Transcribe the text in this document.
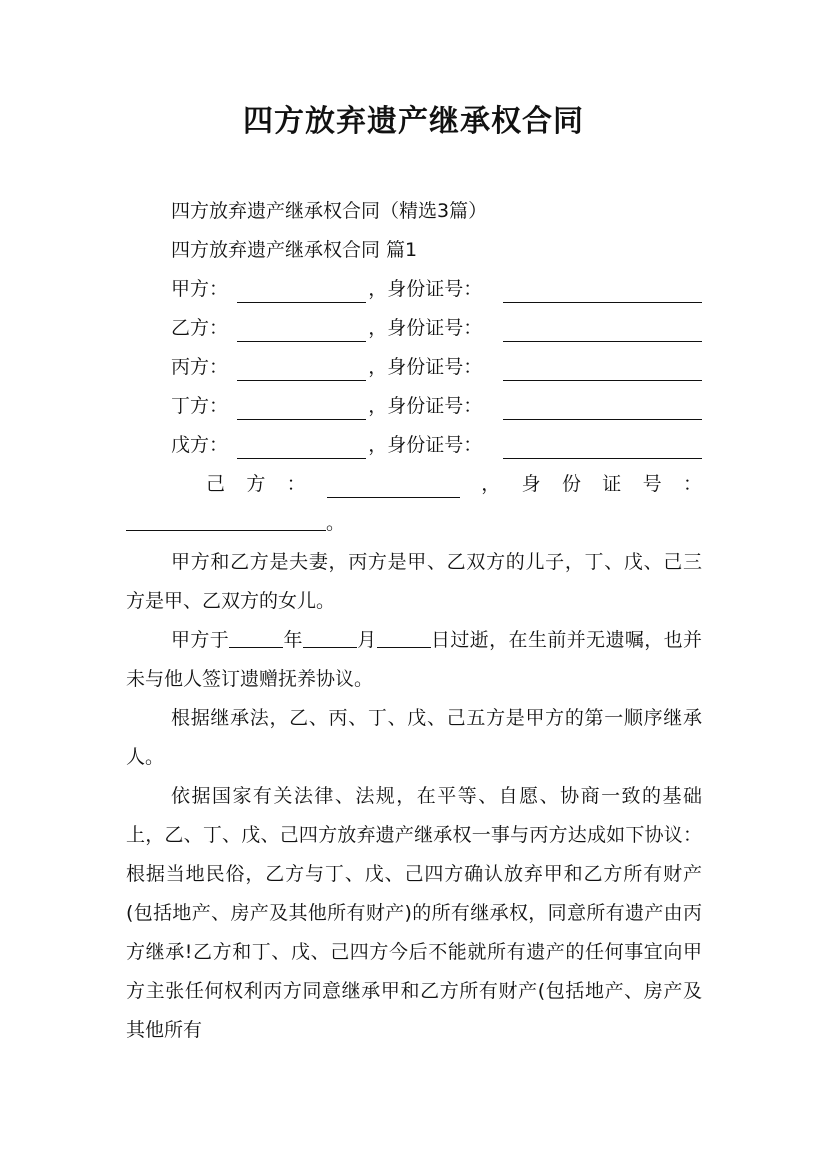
四方放弃遗产继承权合同
四方放弃遗产继承权合同（精选3篇）
四方放弃遗产继承权合同 篇1
甲方：	，身份证号：
乙方：	，身份证号：
丙方：	，身份证号：
丁方：	，身份证号：
戊方：	，身份证号：
己 方 ：	， 身 份 证 号 ：
。
甲方和乙方是夫妻，丙方是甲、乙双方的儿子，丁、戊、己三方是甲、乙双方的女儿。
甲方于	年	月	日过逝，在生前并无遗嘱，也并未与他人签订遗赠抚养协议。
根据继承法，乙、丙、丁、戊、己五方是甲方的第一顺序继承人。
依据国家有关法律、法规，在平等、自愿、协商一致的基础上，乙、丁、戊、己四方放弃遗产继承权一事与丙方达成如下协议：根据当地民俗，乙方与丁、戊、己四方确认放弃甲和乙方所有财产(包括地产、房产及其他所有财产)的所有继承权，同意所有遗产由丙方继承!乙方和丁、戊、己四方今后不能就所有遗产的任何事宜向甲方主张任何权利丙方同意继承甲和乙方所有财产(包括地产、房产及其他所有
